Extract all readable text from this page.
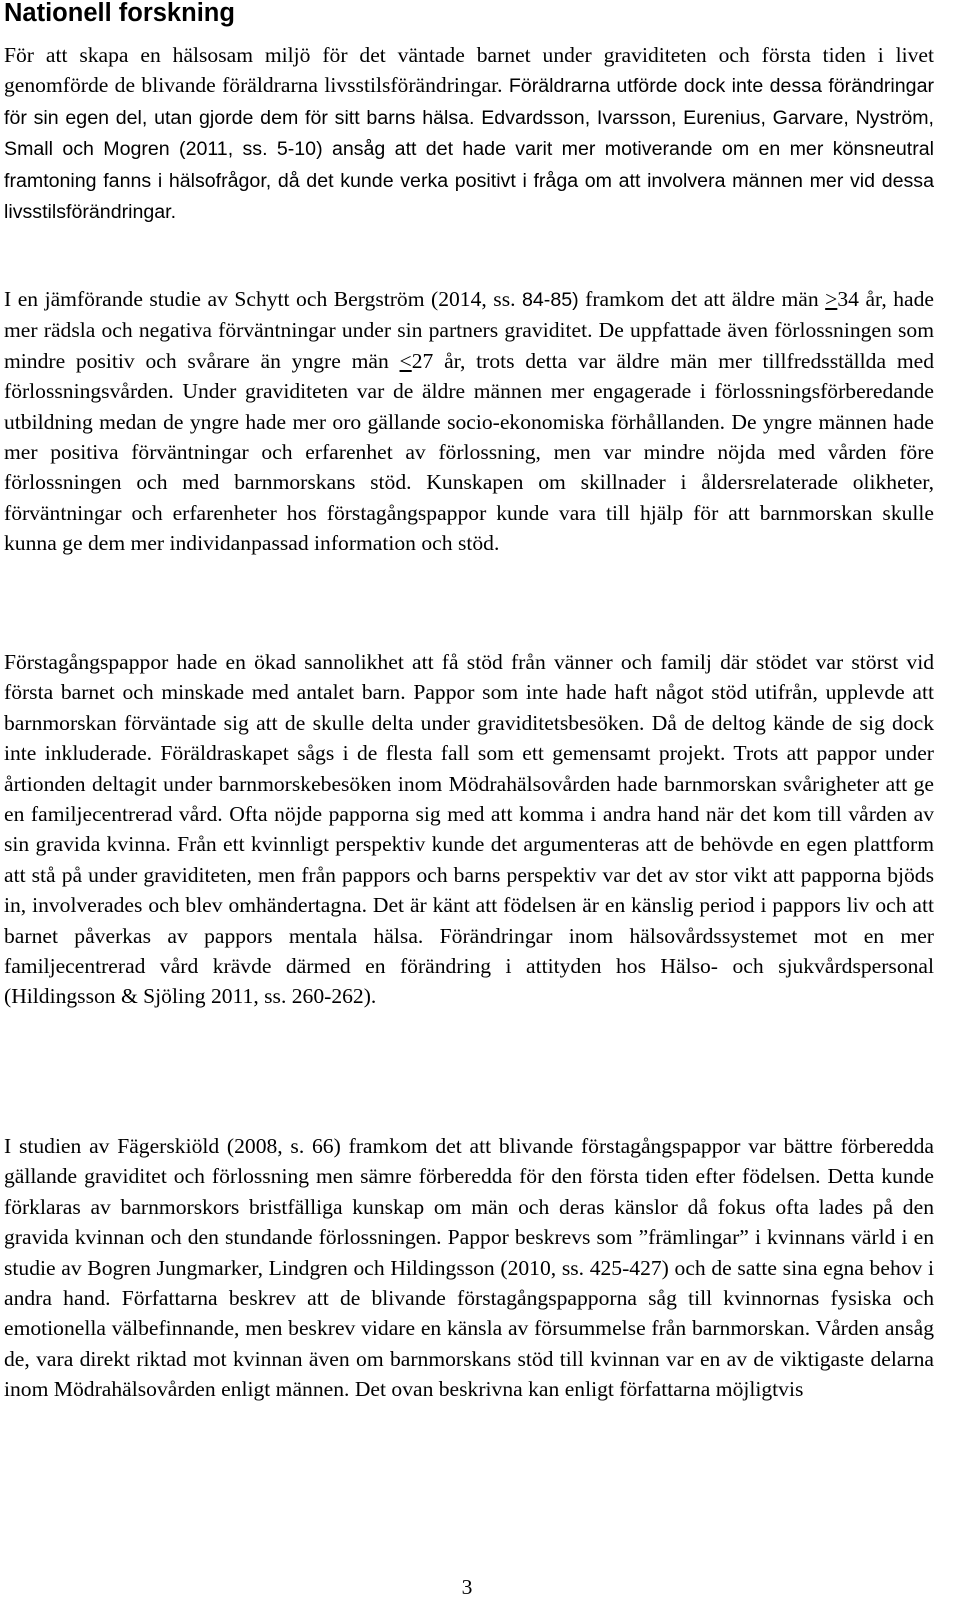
Nationell forskning

För att skapa en hälsosam miljö för det väntade barnet under graviditeten och första tiden i livet genomförde de blivande föräldrarna livsstilsförändringar. Föräldrarna utförde dock inte dessa förändringar för sin egen del, utan gjorde dem för sitt barns hälsa. Edvardsson, Ivarsson, Eurenius, Garvare, Nyström, Small och Mogren (2011, ss. 5-10) ansåg att det hade varit mer motiverande om en mer könsneutral framtoning fanns i hälsofrågor, då det kunde verka positivt i fråga om att involvera männen mer vid dessa livsstilsförändringar.

I en jämförande studie av Schytt och Bergström (2014, ss. 84-85) framkom det att äldre män ≥34 år, hade mer rädsla och negativa förväntningar under sin partners graviditet. De uppfattade även förlossningen som mindre positiv och svårare än yngre män ≤27 år, trots detta var äldre män mer tillfredsställda med förlossningsvården. Under graviditeten var de äldre männen mer engagerade i förlossningsförberedande utbildning medan de yngre hade mer oro gällande socio-ekonomiska förhållanden. De yngre männen hade mer positiva förväntningar och erfarenhet av förlossning, men var mindre nöjda med vården före förlossningen och med barnmorskans stöd. Kunskapen om skillnader i åldersrelaterade olikheter, förväntningar och erfarenheter hos förstagångspappor kunde vara till hjälp för att barnmorskan skulle kunna ge dem mer individanpassad information och stöd.

Förstagångspappor hade en ökad sannolikhet att få stöd från vänner och familj där stödet var störst vid första barnet och minskade med antalet barn. Pappor som inte hade haft något stöd utifrån, upplevde att barnmorskan förväntade sig att de skulle delta under graviditetsbesöken. Då de deltog kände de sig dock inte inkluderade. Föräldraskapet sågs i de flesta fall som ett gemensamt projekt. Trots att pappor under årtionden deltagit under barnmorskebesöken inom Mödrahälsovården hade barnmorskan svårigheter att ge en familjecentrerad vård. Ofta nöjde papporna sig med att komma i andra hand när det kom till vården av sin gravida kvinna. Från ett kvinnligt perspektiv kunde det argumenteras att de behövde en egen plattform att stå på under graviditeten, men från pappors och barns perspektiv var det av stor vikt att papporna bjöds in, involverades och blev omhändertagna. Det är känt att födelsen är en känslig period i pappors liv och att barnet påverkas av pappors mentala hälsa. Förändringar inom hälsovårdssystemet mot en mer familjecentrerad vård krävde därmed en förändring i attityden hos Hälso- och sjukvårdspersonal (Hildingsson & Sjöling 2011, ss. 260-262).

I studien av Fägerskiöld (2008, s. 66) framkom det att blivande förstagångspappor var bättre förberedda gällande graviditet och förlossning men sämre förberedda för den första tiden efter födelsen. Detta kunde förklaras av barnmorskors bristfälliga kunskap om män och deras känslor då fokus ofta lades på den gravida kvinnan och den stundande förlossningen. Pappor beskrevs som ”främlingar” i kvinnans värld i en studie av Bogren Jungmarker, Lindgren och Hildingsson (2010, ss. 425-427) och de satte sina egna behov i andra hand. Författarna beskrev att de blivande förstagångspapporna såg till kvinnornas fysiska och emotionella välbefinnande, men beskrev vidare en känsla av försummelse från barnmorskan. Vården ansåg de, vara direkt riktad mot kvinnan även om barnmorskans stöd till kvinnan var en av de viktigaste delarna inom Mödrahälsovården enligt männen. Det ovan beskrivna kan enligt författarna möjligtvis

3
